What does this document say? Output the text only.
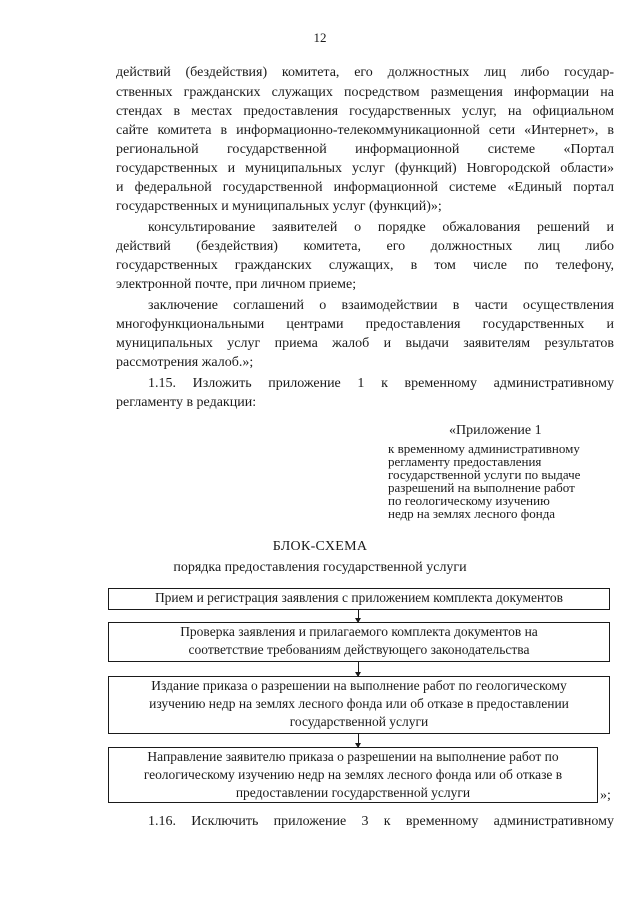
12
действий (бездействия) комитета, его должностных лиц либо государ-
ственных гражданских служащих посредством размещения информации на
стендах в местах предоставления государственных услуг, на официальном
сайте комитета в информационно-телекоммуникационной сети «Интернет», в
региональной государственной информационной системе «Портал
государственных и муниципальных услуг (функций) Новгородской области»
и федеральной государственной информационной системе «Единый портал
государственных и муниципальных услуг (функций)»;
консультирование заявителей о порядке обжалования решений и
действий (бездействия) комитета, его должностных лиц либо
государственных гражданских служащих, в том числе по телефону,
электронной почте, при личном приеме;
заключение соглашений о взаимодействии в части осуществления
многофункциональными центрами предоставления государственных и
муниципальных услуг приема жалоб и выдачи заявителям результатов
рассмотрения жалоб.»;
1.15. Изложить приложение 1 к временному административному
регламенту в редакции:
«Приложение 1
к временному административному
регламенту предоставления
государственной услуги по выдаче
разрешений на выполнение работ
по геологическому изучению
недр на землях лесного фонда
БЛОК-СХЕМА
порядка предоставления государственной услуги
Прием и регистрация заявления с приложением комплекта документов
Проверка заявления и прилагаемого комплекта документов на
соответствие требованиям действующего законодательства
Издание приказа о разрешении на выполнение работ по геологическому
изучению недр на землях лесного фонда или об отказе в предоставлении
государственной услуги
Направление заявителю приказа о разрешении на выполнение работ по
геологическому изучению недр на землях лесного фонда или об отказе в
предоставлении государственной услуги	»;
1.16. Исключить приложение 3 к временному административному
